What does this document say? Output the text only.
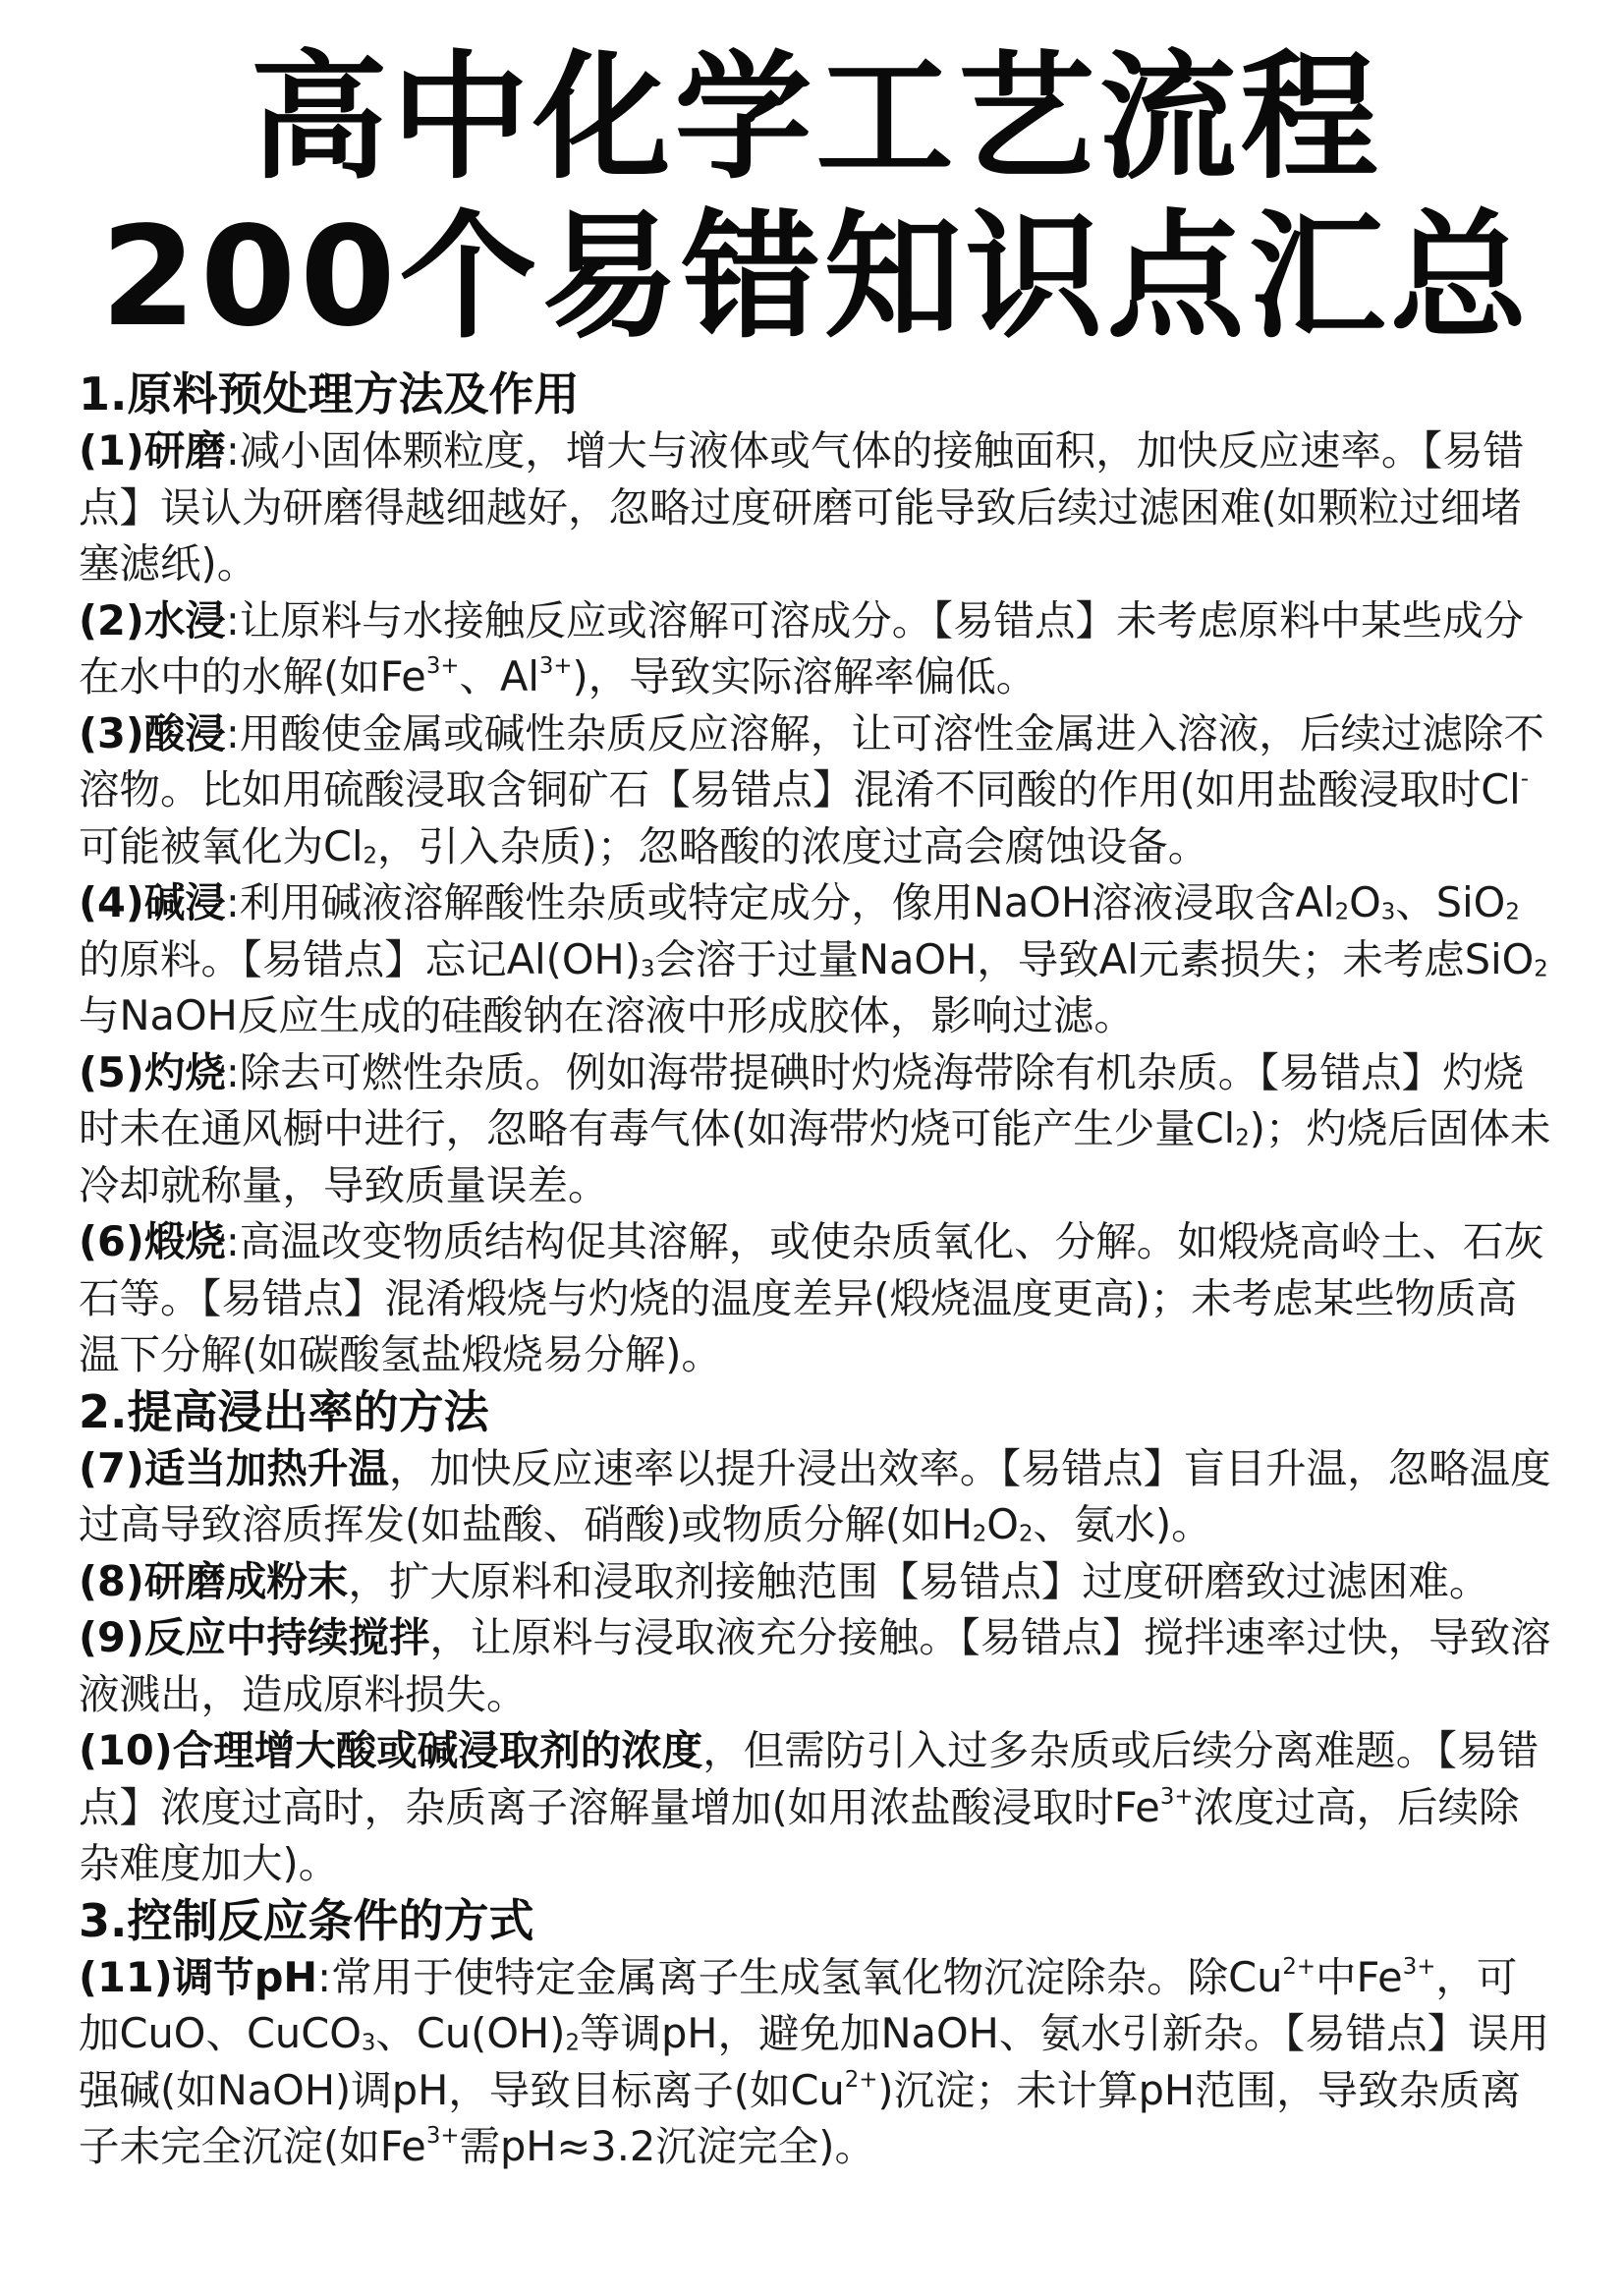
高中化学工艺流程
200个易错知识点汇总
1.原料预处理方法及作用

(1)研磨:减小固体颗粒度，增大与液体或气体的接触面积，加快反应速率。【易错点】误认为研磨得越细越好，忽略过度研磨可能导致后续过滤困难(如颗粒过细堵塞滤纸)。

(2)水浸:让原料与水接触反应或溶解可溶成分。【易错点】未考虑原料中某些成分在水中的水解(如$Fe^{3+}$、$Al^{3+}$)，导致实际溶解率偏低。

(3)酸浸:用酸使金属或碱性杂质反应溶解，让可溶性金属进入溶液，后续过滤除不溶物。比如用硫酸浸取含铜矿石【易错点】混淆不同酸的作用(如用盐酸浸取时Cl-可能被氧化为$Cl_2$，引入杂质)；忽略酸的浓度过高会腐蚀设备。

(4)碱浸:利用碱液溶解酸性杂质或特定成分，像用NaOH溶液浸取含$Al_2O_3$、SiO$_2$的原料。【易错点】忘记$Al(OH)_3$会溶于过量NaOH，导致Al元素损失；未考虑SiO$_2$与NaOH反应生成的硅酸钠在溶液中形成胶体，影响过滤。

(5)灼烧:除去可燃性杂质。例如海带提碘时灼烧海带除有机杂质。【易错点】灼烧时未在通风橱中进行，忽略有毒气体(如海带灼烧可能产生少量$Cl_2$)；灼烧后固体未冷却就称量，导致质量误差。

(6)煅烧:高温改变物质结构促其溶解，或使杂质氧化、分解。如煅烧高岭土、石灰石等。【易错点】混淆煅烧与灼烧的温度差异(煅烧温度更高)；未考虑某些物质高温下分解(如碳酸氢盐煅烧易分解)。

2.提高浸出率的方法

(7)适当加热升温，加快反应速率以提升浸出效率。【易错点】盲目升温，忽略温度过高导致溶质挥发(如盐酸、硝酸)或物质分解(如$H_2O_2$、氨水)。

(8)研磨成粉末，扩大原料和浸取剂接触范围【易错点】过度研磨致过滤困难。

(9)反应中持续搅拌，让原料与浸取液充分接触。【易错点】搅拌速率过快，导致溶液溅出，造成原料损失。

(10)合理增大酸或碱浸取剂的浓度，但需防引入过多杂质或后续分离难题。【易错点】浓度过高时，杂质离子溶解量增加(如用浓盐酸浸取时$Fe^{3+}$浓度过高，后续除杂难度加大)。

3.控制反应条件的方式

(11)调节pH:常用于使特定金属离子生成氢氧化物沉淀除杂。除$Cu^{2+}$中$Fe^{3+}$，可加CuO、CuCO$_3$、$Cu(OH)_2$等调pH，避免加NaOH、氨水引新杂。【易错点】误用强碱(如NaOH)调pH，导致目标离子(如$Cu^{2+}$)沉淀；未计算pH范围，导致杂质离子未完全沉淀(如$Fe^{3+}$需pH≈3.2沉淀完全)。
